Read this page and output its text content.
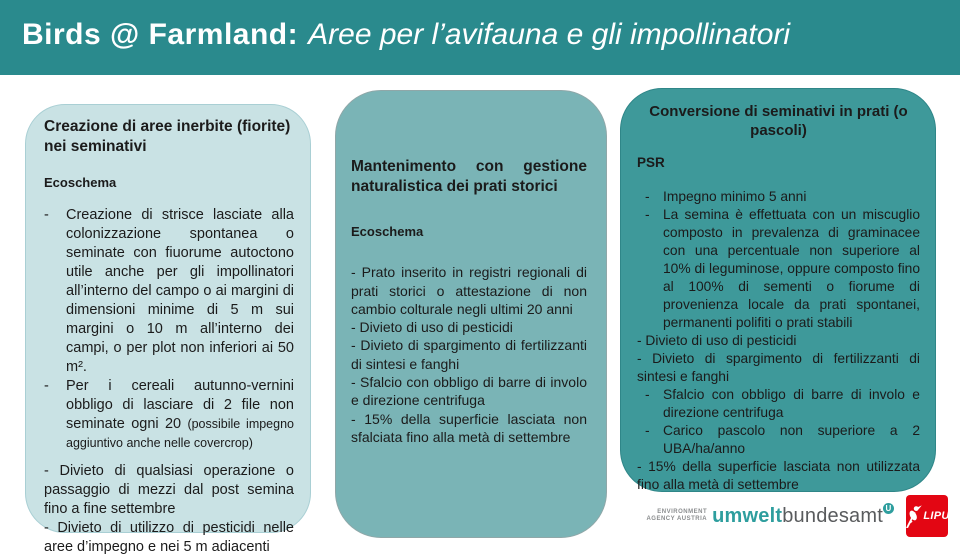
Birds @ Farmland: Aree per l’avifauna e gli impollinatori
Creazione di aree inerbite (fiorite) nei seminativi
Ecoschema
-	Creazione di strisce lasciate alla colonizzazione spontanea o seminate con fiuorume autoctono utile anche per gli impollinatori all’interno del campo o ai margini di dimensioni minime di 5 m sui margini o 10 m all’interno dei campi, o per plot non inferiori ai 50 m².
-	Per i cereali autunno-vernini obbligo di lasciare di 2 file non seminate ogni 20 (possibile impegno aggiuntivo anche nelle covercrop)

- Divieto di qualsiasi operazione o passaggio di mezzi dal post semina fino a fine settembre

- Divieto di utilizzo di pesticidi nelle aree d’impegno e nei 5 m adiacenti

Mantenimento con gestione naturalistica dei prati storici
Ecoschema

- Prato inserito in registri regionali di prati storici o attestazione di non cambio colturale negli ultimi 20 anni

- Divieto di uso di pesticidi

- Divieto di spargimento di fertilizzanti di sintesi e fanghi

- Sfalcio con obbligo di barre di involo e direzione centrifuga

- 15% della superficie lasciata non sfalciata fino alla metà di settembre

Conversione di seminativi in prati (o pascoli)
PSR
- Impegno minimo 5 anni
- La semina è effettuata con un miscuglio composto in prevalenza di graminacee con una percentuale non superiore al 10% di leguminose, oppure composto fino al 100% di sementi o fiorume di provenienza locale da prati spontanei, permanenti polifiti o prati stabili

- Divieto di uso di pesticidi

- Divieto di spargimento di fertilizzanti di sintesi e fanghi

- Sfalcio con obbligo di barre di involo e direzione centrifuga
- Carico pascolo non superiore a 2 UBA/ha/anno

- 15% della superficie lasciata non utilizzata fino alla metà di settembre

ENVIRONMENT
AGENCY AUSTRIA umweltbundesamt U
LIPU
